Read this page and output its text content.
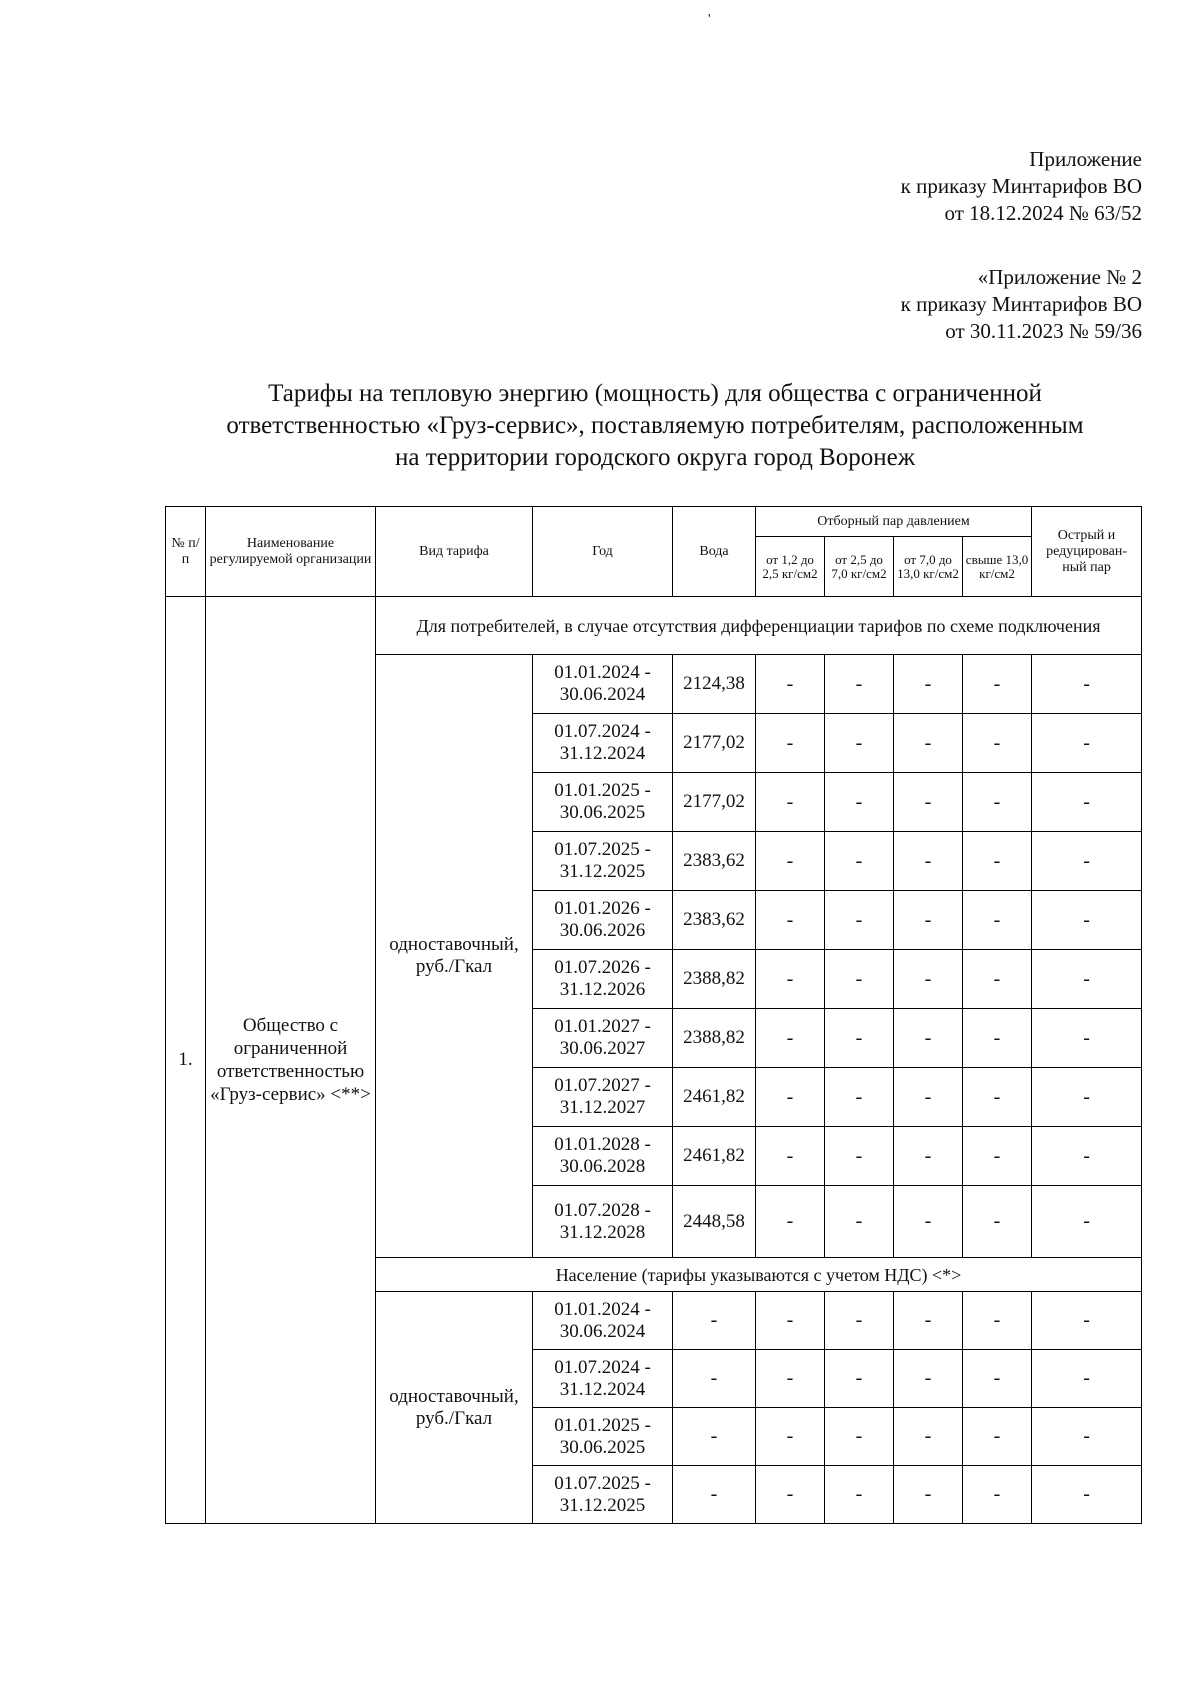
'
Приложение
к приказу Минтарифов ВО
от 18.12.2024 № 63/52
«Приложение № 2
к приказу Минтарифов ВО
от 30.11.2023 № 59/36
Тарифы на тепловую энергию (мощность) для общества с ограниченной
ответственностью «Груз-сервис», поставляемую потребителям, расположенным
на территории городского округа город Воронеж
№ п/п	Наименование регулируемой организации	Вид тарифа	Год	Вода	Отборный пар давлением				Острый и редуцирован-ный пар
					от 1,2 до 2,5 кг/см2	от 2,5 до 7,0 кг/см2	от 7,0 до 13,0 кг/см2	свыше 13,0 кг/см2	
1.	Общество с ограниченной ответственностью «Груз-сервис» <**>	Для потребителей, в случае отсутствия дифференциации тарифов по схеме подключения							
		одноставочный, руб./Гкал	01.01.2024 - 30.06.2024	2124,38	-	-	-	-	-
			01.07.2024 - 31.12.2024	2177,02	-	-	-	-	-
			01.01.2025 - 30.06.2025	2177,02	-	-	-	-	-
			01.07.2025 - 31.12.2025	2383,62	-	-	-	-	-
			01.01.2026 - 30.06.2026	2383,62	-	-	-	-	-
			01.07.2026 - 31.12.2026	2388,82	-	-	-	-	-
			01.01.2027 - 30.06.2027	2388,82	-	-	-	-	-
			01.07.2027 - 31.12.2027	2461,82	-	-	-	-	-
			01.01.2028 - 30.06.2028	2461,82	-	-	-	-	-
			01.07.2028 - 31.12.2028	2448,58	-	-	-	-	-
		Население (тарифы указываются с учетом НДС) <*>							
		одноставочный, руб./Гкал	01.01.2024 - 30.06.2024	-	-	-	-	-	-
			01.07.2024 - 31.12.2024	-	-	-	-	-	-
			01.01.2025 - 30.06.2025	-	-	-	-	-	-
			01.07.2025 - 31.12.2025	-	-	-	-	-	-
